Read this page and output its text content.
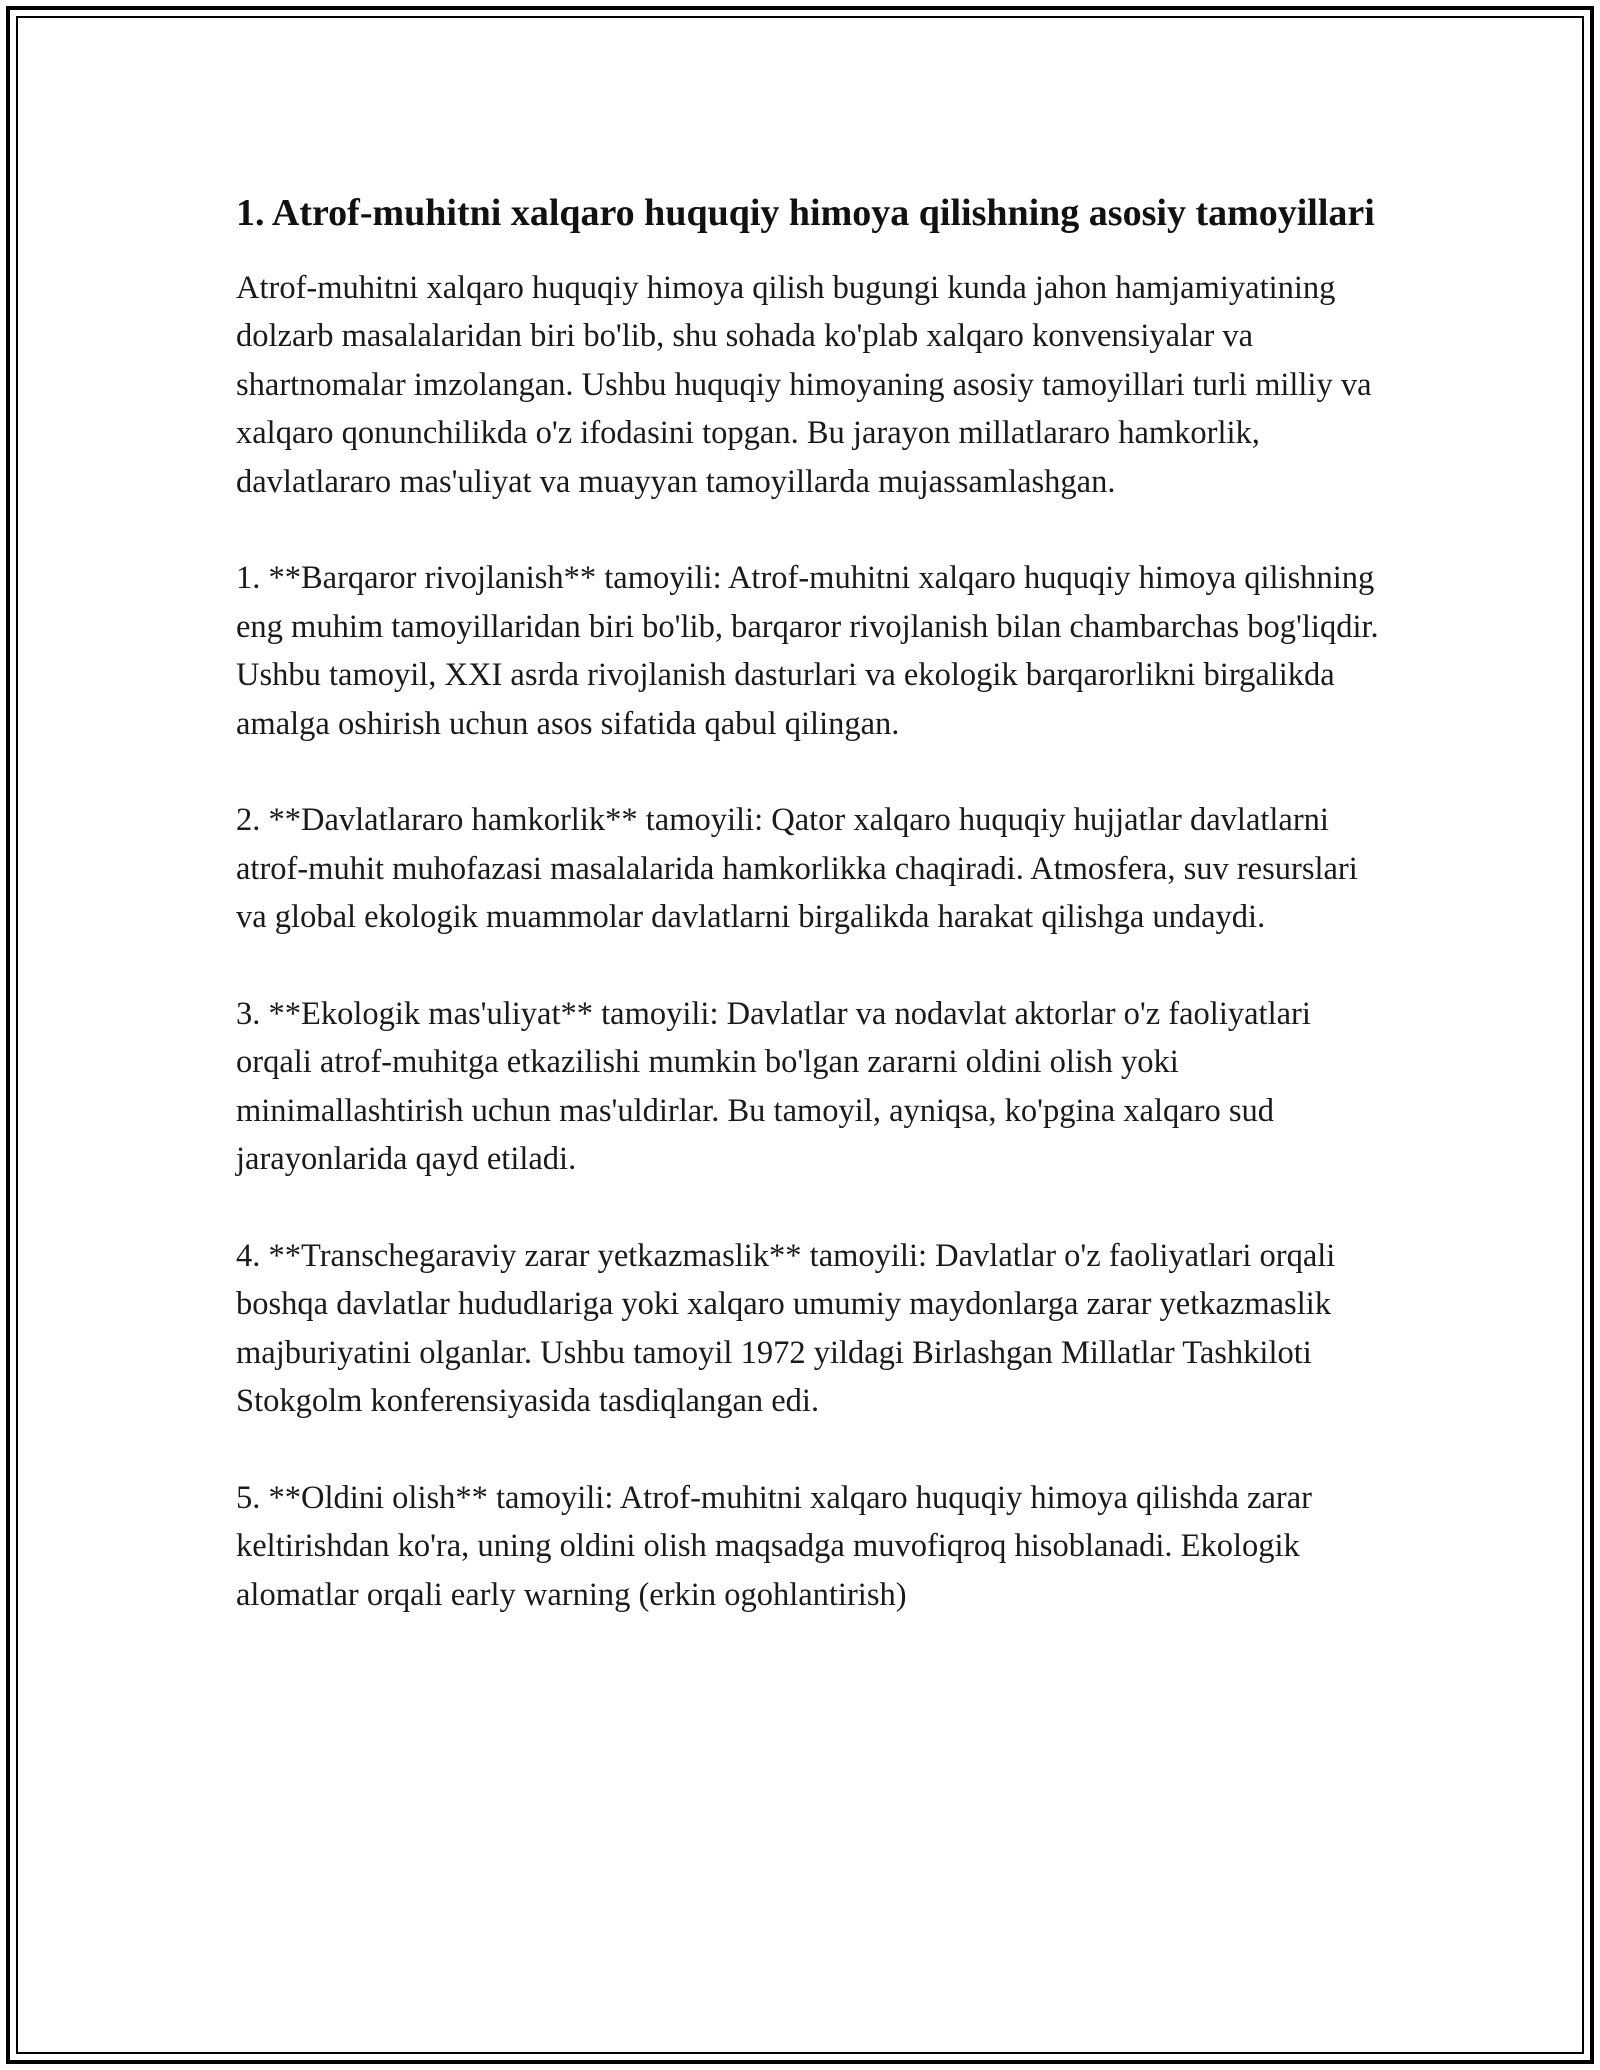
1. Atrof-muhitni xalqaro huquqiy himoya qilishning asosiy tamoyillari

Atrof-muhitni xalqaro huquqiy himoya qilish bugungi kunda jahon hamjamiyatining dolzarb masalalaridan biri bo'lib, shu sohada ko'plab xalqaro konvensiyalar va shartnomalar imzolangan. Ushbu huquqiy himoyaning asosiy tamoyillari turli milliy va xalqaro qonunchilikda o'z ifodasini topgan. Bu jarayon millatlararo hamkorlik, davlatlararo mas'uliyat va muayyan tamoyillarda mujassamlashgan.

1. **Barqaror rivojlanish** tamoyili: Atrof-muhitni xalqaro huquqiy himoya qilishning eng muhim tamoyillaridan biri bo'lib, barqaror rivojlanish bilan chambarchas bog'liqdir. Ushbu tamoyil, XXI asrda rivojlanish dasturlari va ekologik barqarorlikni birgalikda amalga oshirish uchun asos sifatida qabul qilingan.

2. **Davlatlararo hamkorlik** tamoyili: Qator xalqaro huquqiy hujjatlar davlatlarni atrof-muhit muhofazasi masalalarida hamkorlikka chaqiradi. Atmosfera, suv resurslari va global ekologik muammolar davlatlarni birgalikda harakat qilishga undaydi.

3. **Ekologik mas'uliyat** tamoyili: Davlatlar va nodavlat aktorlar o'z faoliyatlari orqali atrof-muhitga etkazilishi mumkin bo'lgan zararni oldini olish yoki minimallashtirish uchun mas'uldirlar. Bu tamoyil, ayniqsa, ko'pgina xalqaro sud jarayonlarida qayd etiladi.

4. **Transchegaraviy zarar yetkazmaslik** tamoyili: Davlatlar o'z faoliyatlari orqali boshqa davlatlar hududlariga yoki xalqaro umumiy maydonlarga zarar yetkazmaslik majburiyatini olganlar. Ushbu tamoyil 1972 yildagi Birlashgan Millatlar Tashkiloti Stokgolm konferensiyasida tasdiqlangan edi.

5. **Oldini olish** tamoyili: Atrof-muhitni xalqaro huquqiy himoya qilishda zarar keltirishdan ko'ra, uning oldini olish maqsadga muvofiqroq hisoblanadi. Ekologik alomatlar orqali early warning (erkin ogohlantirish)
